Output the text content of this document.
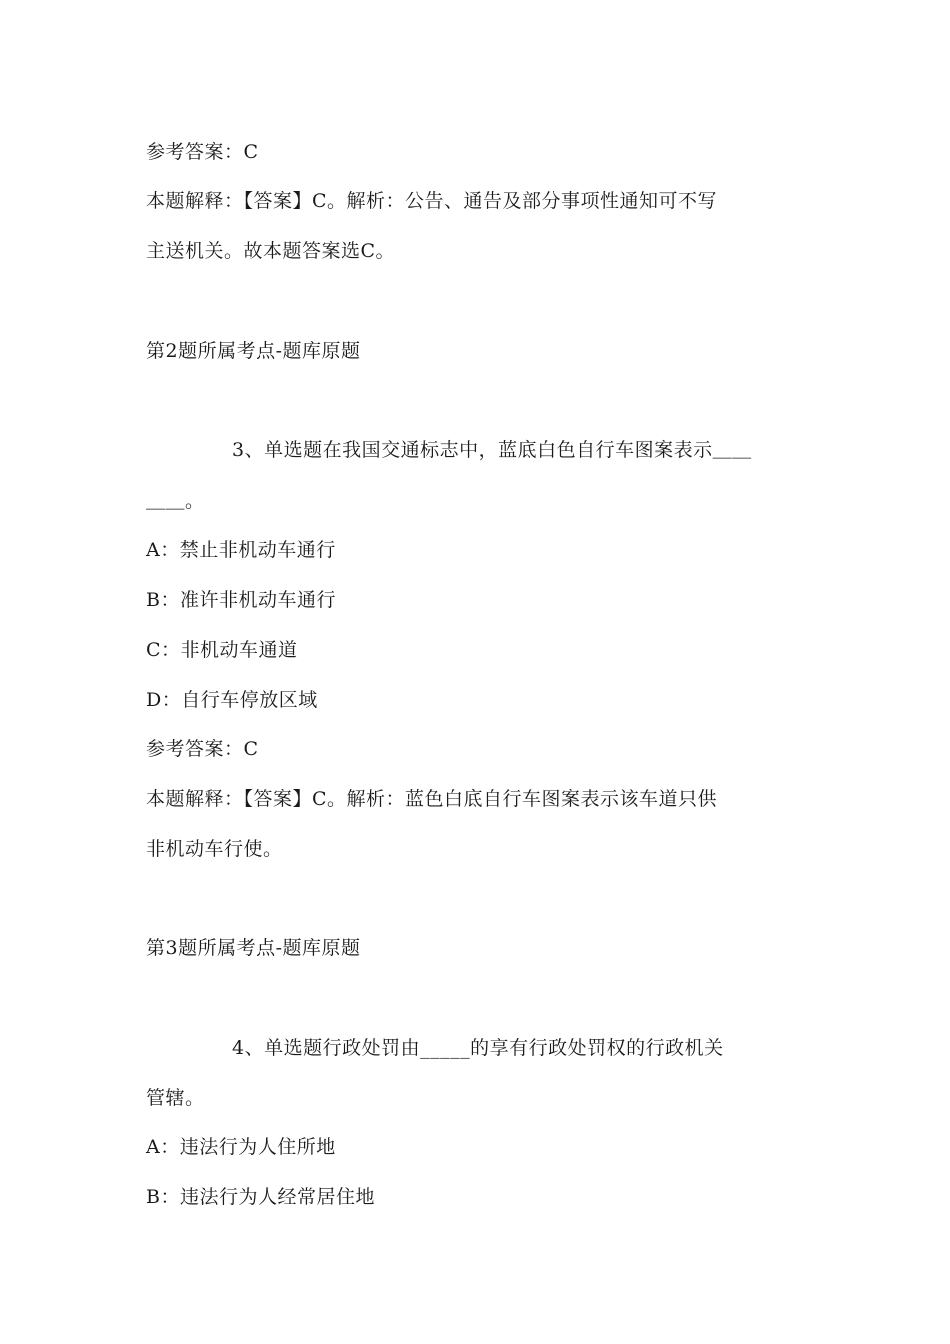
参考答案：C
本题解释：【答案】C。解析：公告、通告及部分事项性通知可不写
主送机关。故本题答案选C。
第2题所属考点-题库原题
3、单选题在我国交通标志中，蓝底白色自行车图案表示＿＿
＿＿。
A：禁止非机动车通行
B：准许非机动车通行
C：非机动车通道
D：自行车停放区域
参考答案：C
本题解释：【答案】C。解析：蓝色白底自行车图案表示该车道只供
非机动车行使。
第3题所属考点-题库原题
4、单选题行政处罚由_____的享有行政处罚权的行政机关
管辖。
A：违法行为人住所地
B：违法行为人经常居住地
